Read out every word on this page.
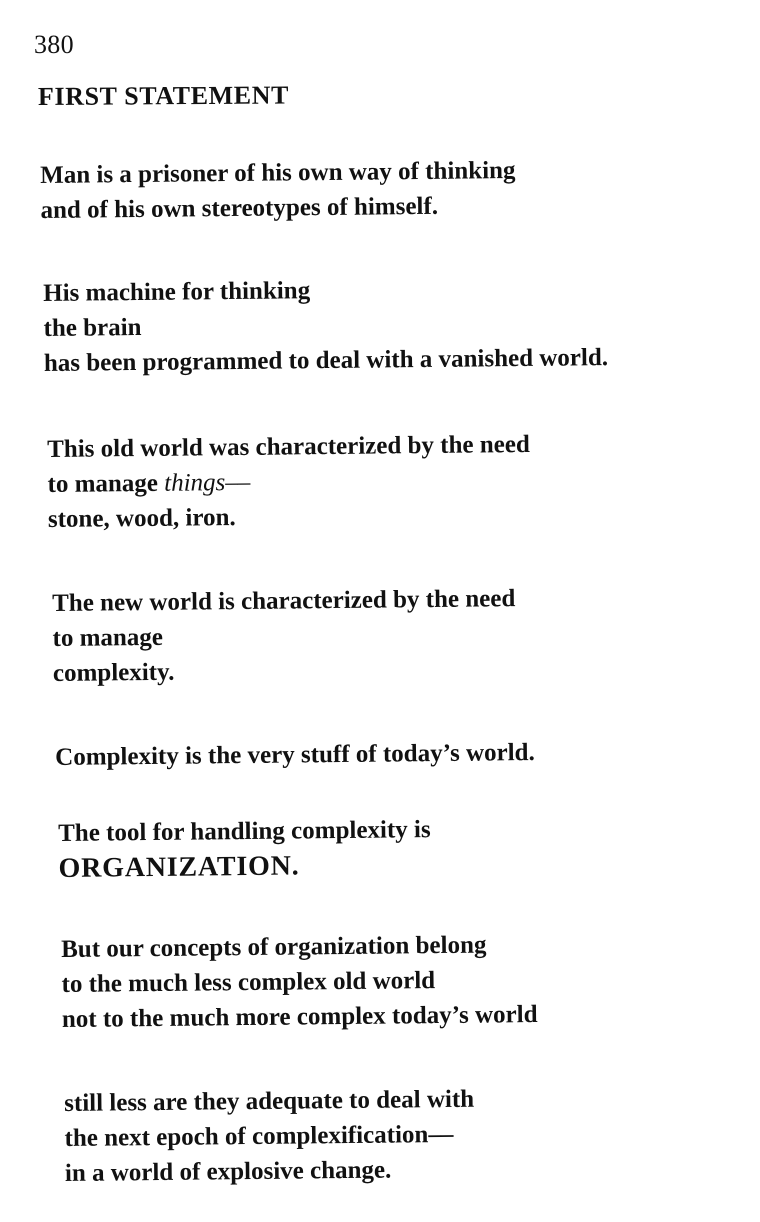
380
FIRST STATEMENT
Man is a prisoner of his own way of thinking
and of his own stereotypes of himself.
His machine for thinking
the brain
has been programmed to deal with a vanished world.
This old world was characterized by the need
to manage things––
stone, wood, iron.
The new world is characterized by the need
to manage
complexity.
Complexity is the very stuff of today’s world.
The tool for handling complexity is
ORGANIZATION.
But our concepts of organization belong
to the much less complex old world
not to the much more complex today’s world
still less are they adequate to deal with
the next epoch of complexification––
in a world of explosive change.
